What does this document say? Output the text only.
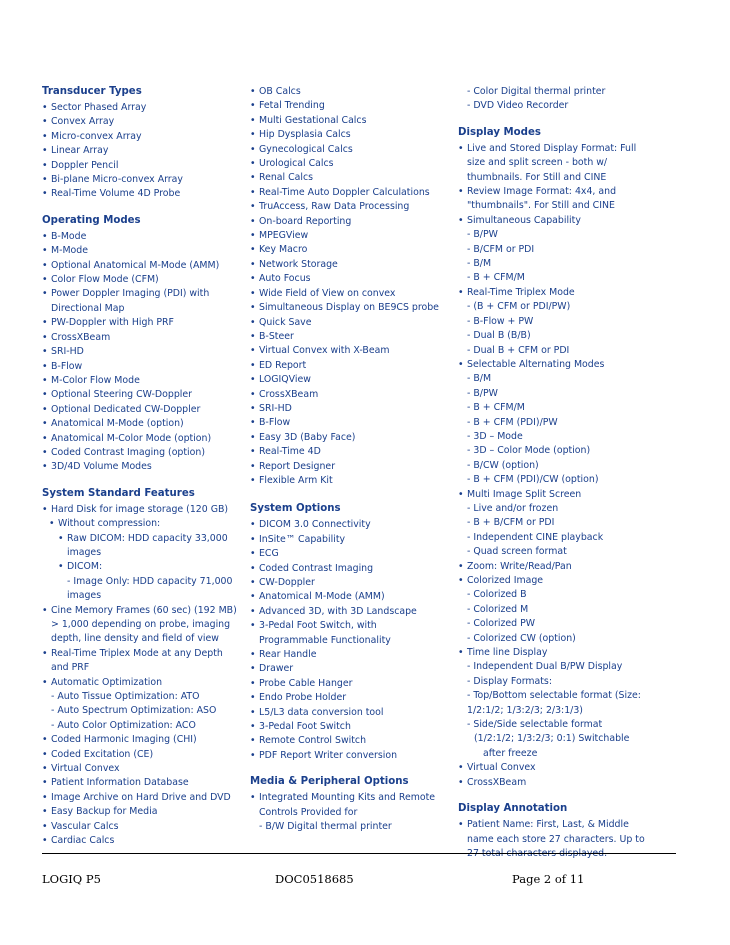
Transducer Types
• Sector Phased Array
• Convex Array
• Micro-convex Array
• Linear Array
• Doppler Pencil
• Bi-plane Micro-convex Array
• Real-Time Volume 4D Probe
Operating Modes
• B-Mode
• M-Mode
• Optional Anatomical M-Mode (AMM)
• Color Flow Mode (CFM)
• Power Doppler Imaging (PDI) with
Directional Map
• PW-Doppler with High PRF
• CrossXBeam
• SRI-HD
• B-Flow
• M-Color Flow Mode
• Optional Steering CW-Doppler
• Optional Dedicated CW-Doppler
• Anatomical M-Mode (option)
• Anatomical M-Color Mode (option)
• Coded Contrast Imaging (option)
• 3D/4D Volume Modes
System Standard Features
• Hard Disk for image storage (120 GB)
• Without compression:
• Raw DICOM: HDD capacity 33,000
images
• DICOM:
- Image Only: HDD capacity 71,000
images
• Cine Memory Frames (60 sec) (192 MB)
> 1,000 depending on probe, imaging
depth, line density and field of view
• Real-Time Triplex Mode at any Depth
and PRF
• Automatic Optimization
- Auto Tissue Optimization: ATO
- Auto Spectrum Optimization: ASO
- Auto Color Optimization: ACO
• Coded Harmonic Imaging (CHI)
• Coded Excitation (CE)
• Virtual Convex
• Patient Information Database
• Image Archive on Hard Drive and DVD
• Easy Backup for Media
• Vascular Calcs
• Cardiac Calcs
• OB Calcs
• Fetal Trending
• Multi Gestational Calcs
• Hip Dysplasia Calcs
• Gynecological Calcs
• Urological Calcs
• Renal Calcs
• Real-Time Auto Doppler Calculations
• TruAccess, Raw Data Processing
• On-board Reporting
• MPEGView
• Key Macro
• Network Storage
• Auto Focus
• Wide Field of View on convex
• Simultaneous Display on BE9CS probe
• Quick Save
• B-Steer
• Virtual Convex with X-Beam
• ED Report
• LOGIQView
• CrossXBeam
• SRI-HD
• B-Flow
• Easy 3D (Baby Face)
• Real-Time 4D
• Report Designer
• Flexible Arm Kit
System Options
• DICOM 3.0 Connectivity
• InSite™ Capability
• ECG
• Coded Contrast Imaging
• CW-Doppler
• Anatomical M-Mode (AMM)
• Advanced 3D, with 3D Landscape
• 3-Pedal Foot Switch, with
Programmable Functionality
• Rear Handle
• Drawer
• Probe Cable Hanger
• Endo Probe Holder
• L5/L3 data conversion tool
• 3-Pedal Foot Switch
• Remote Control Switch
• PDF Report Writer conversion
Media & Peripheral Options
• Integrated Mounting Kits and Remote
Controls Provided for
- B/W Digital thermal printer
- Color Digital thermal printer
- DVD Video Recorder
Display Modes
• Live and Stored Display Format: Full
size and split screen - both w/
thumbnails. For Still and CINE
• Review Image Format: 4x4, and
"thumbnails". For Still and CINE
• Simultaneous Capability
- B/PW
- B/CFM or PDI
- B/M
- B + CFM/M
• Real-Time Triplex Mode
- (B + CFM or PDI/PW)
- B-Flow + PW
- Dual B (B/B)
- Dual B + CFM or PDI
• Selectable Alternating Modes
- B/M
- B/PW
- B + CFM/M
- B + CFM (PDI)/PW
- 3D – Mode
- 3D – Color Mode (option)
- B/CW (option)
- B + CFM (PDI)/CW (option)
• Multi Image Split Screen
- Live and/or frozen
- B + B/CFM or PDI
- Independent CINE playback
- Quad screen format
• Zoom: Write/Read/Pan
• Colorized Image
- Colorized B
- Colorized M
- Colorized PW
- Colorized CW (option)
• Time line Display
- Independent Dual B/PW Display
- Display Formats:
- Top/Bottom selectable format (Size:
1/2:1/2; 1/3:2/3; 2/3:1/3)
- Side/Side selectable format
(1/2:1/2; 1/3:2/3; 0:1) Switchable
after freeze
• Virtual Convex
• CrossXBeam
Display Annotation
• Patient Name: First, Last, & Middle
name each store 27 characters. Up to
LOGIQ P5	DOC0518685	Page 2 of 11
